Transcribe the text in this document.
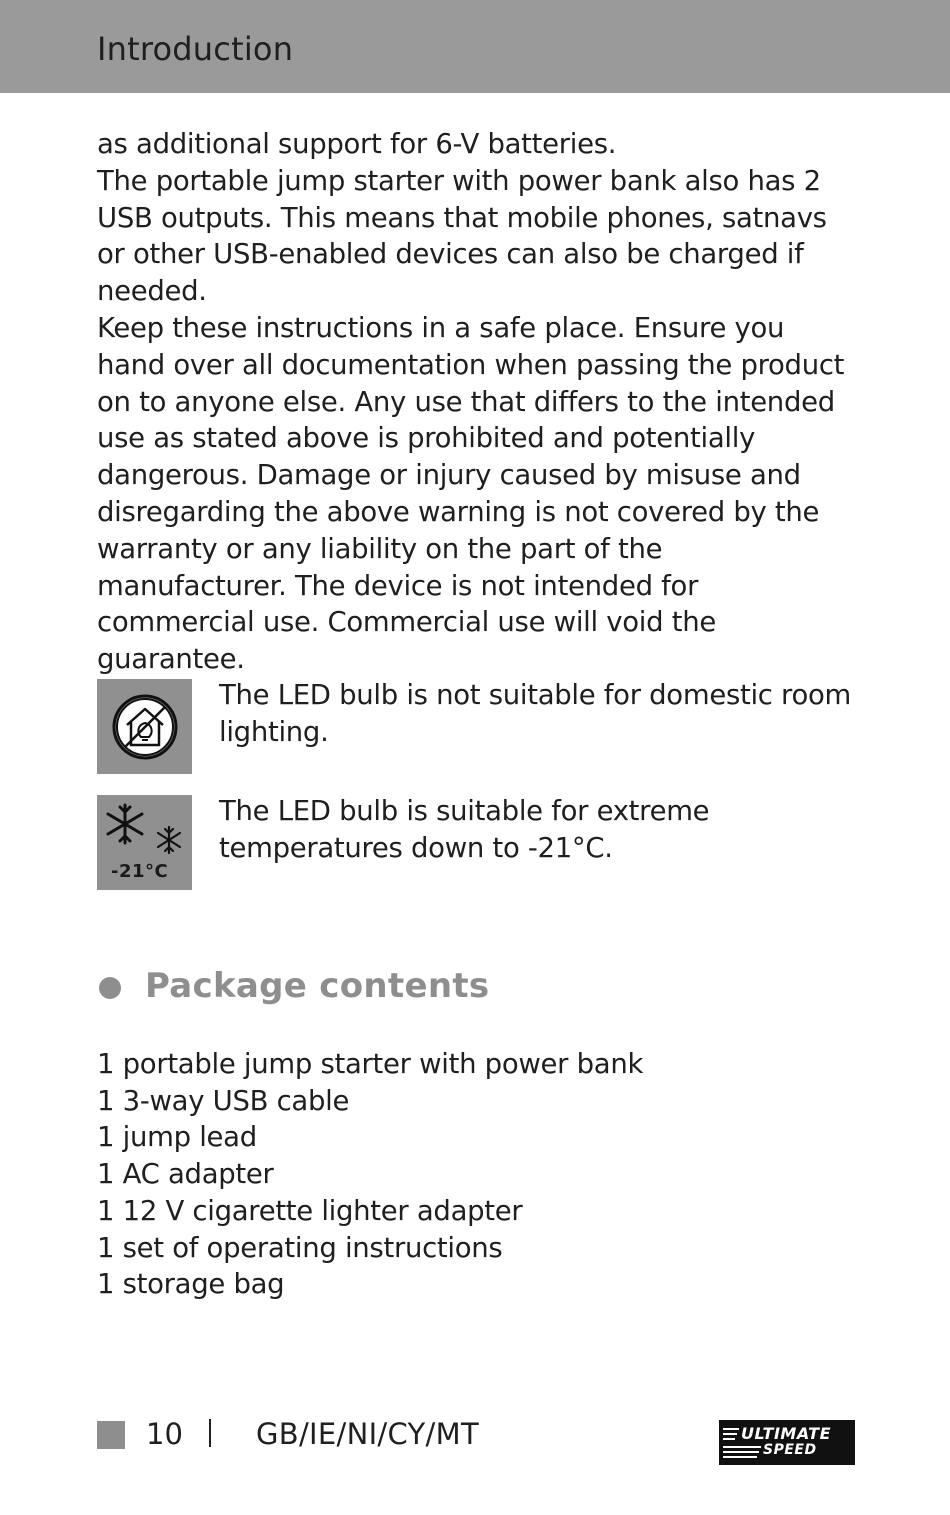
Introduction

as additional support for 6-V batteries.

The portable jump starter with power bank also has 2 USB outputs. This means that mobile phones, satnavs or other USB-enabled devices can also be charged if needed.

Keep these instructions in a safe place. Ensure you hand over all documentation when passing the product on to anyone else. Any use that differs to the intended use as stated above is prohibited and potentially dangerous. Damage or injury caused by misuse and disregarding the above warning is not covered by the warranty or any liability on the part of the manufacturer. The device is not intended for commercial use. Commercial use will void the guarantee.

The LED bulb is not suitable for domestic room lighting.
-21°C
The LED bulb is suitable for extreme temperatures down to -21°C.
Package contents
1 portable jump starter with power bank
1 3-way USB cable
1 jump lead
1 AC adapter
1 12 V cigarette lighter adapter
1 set of operating instructions
1 storage bag
10	GB/IE/NI/CY/MT	ULTIMATE
SPEED
